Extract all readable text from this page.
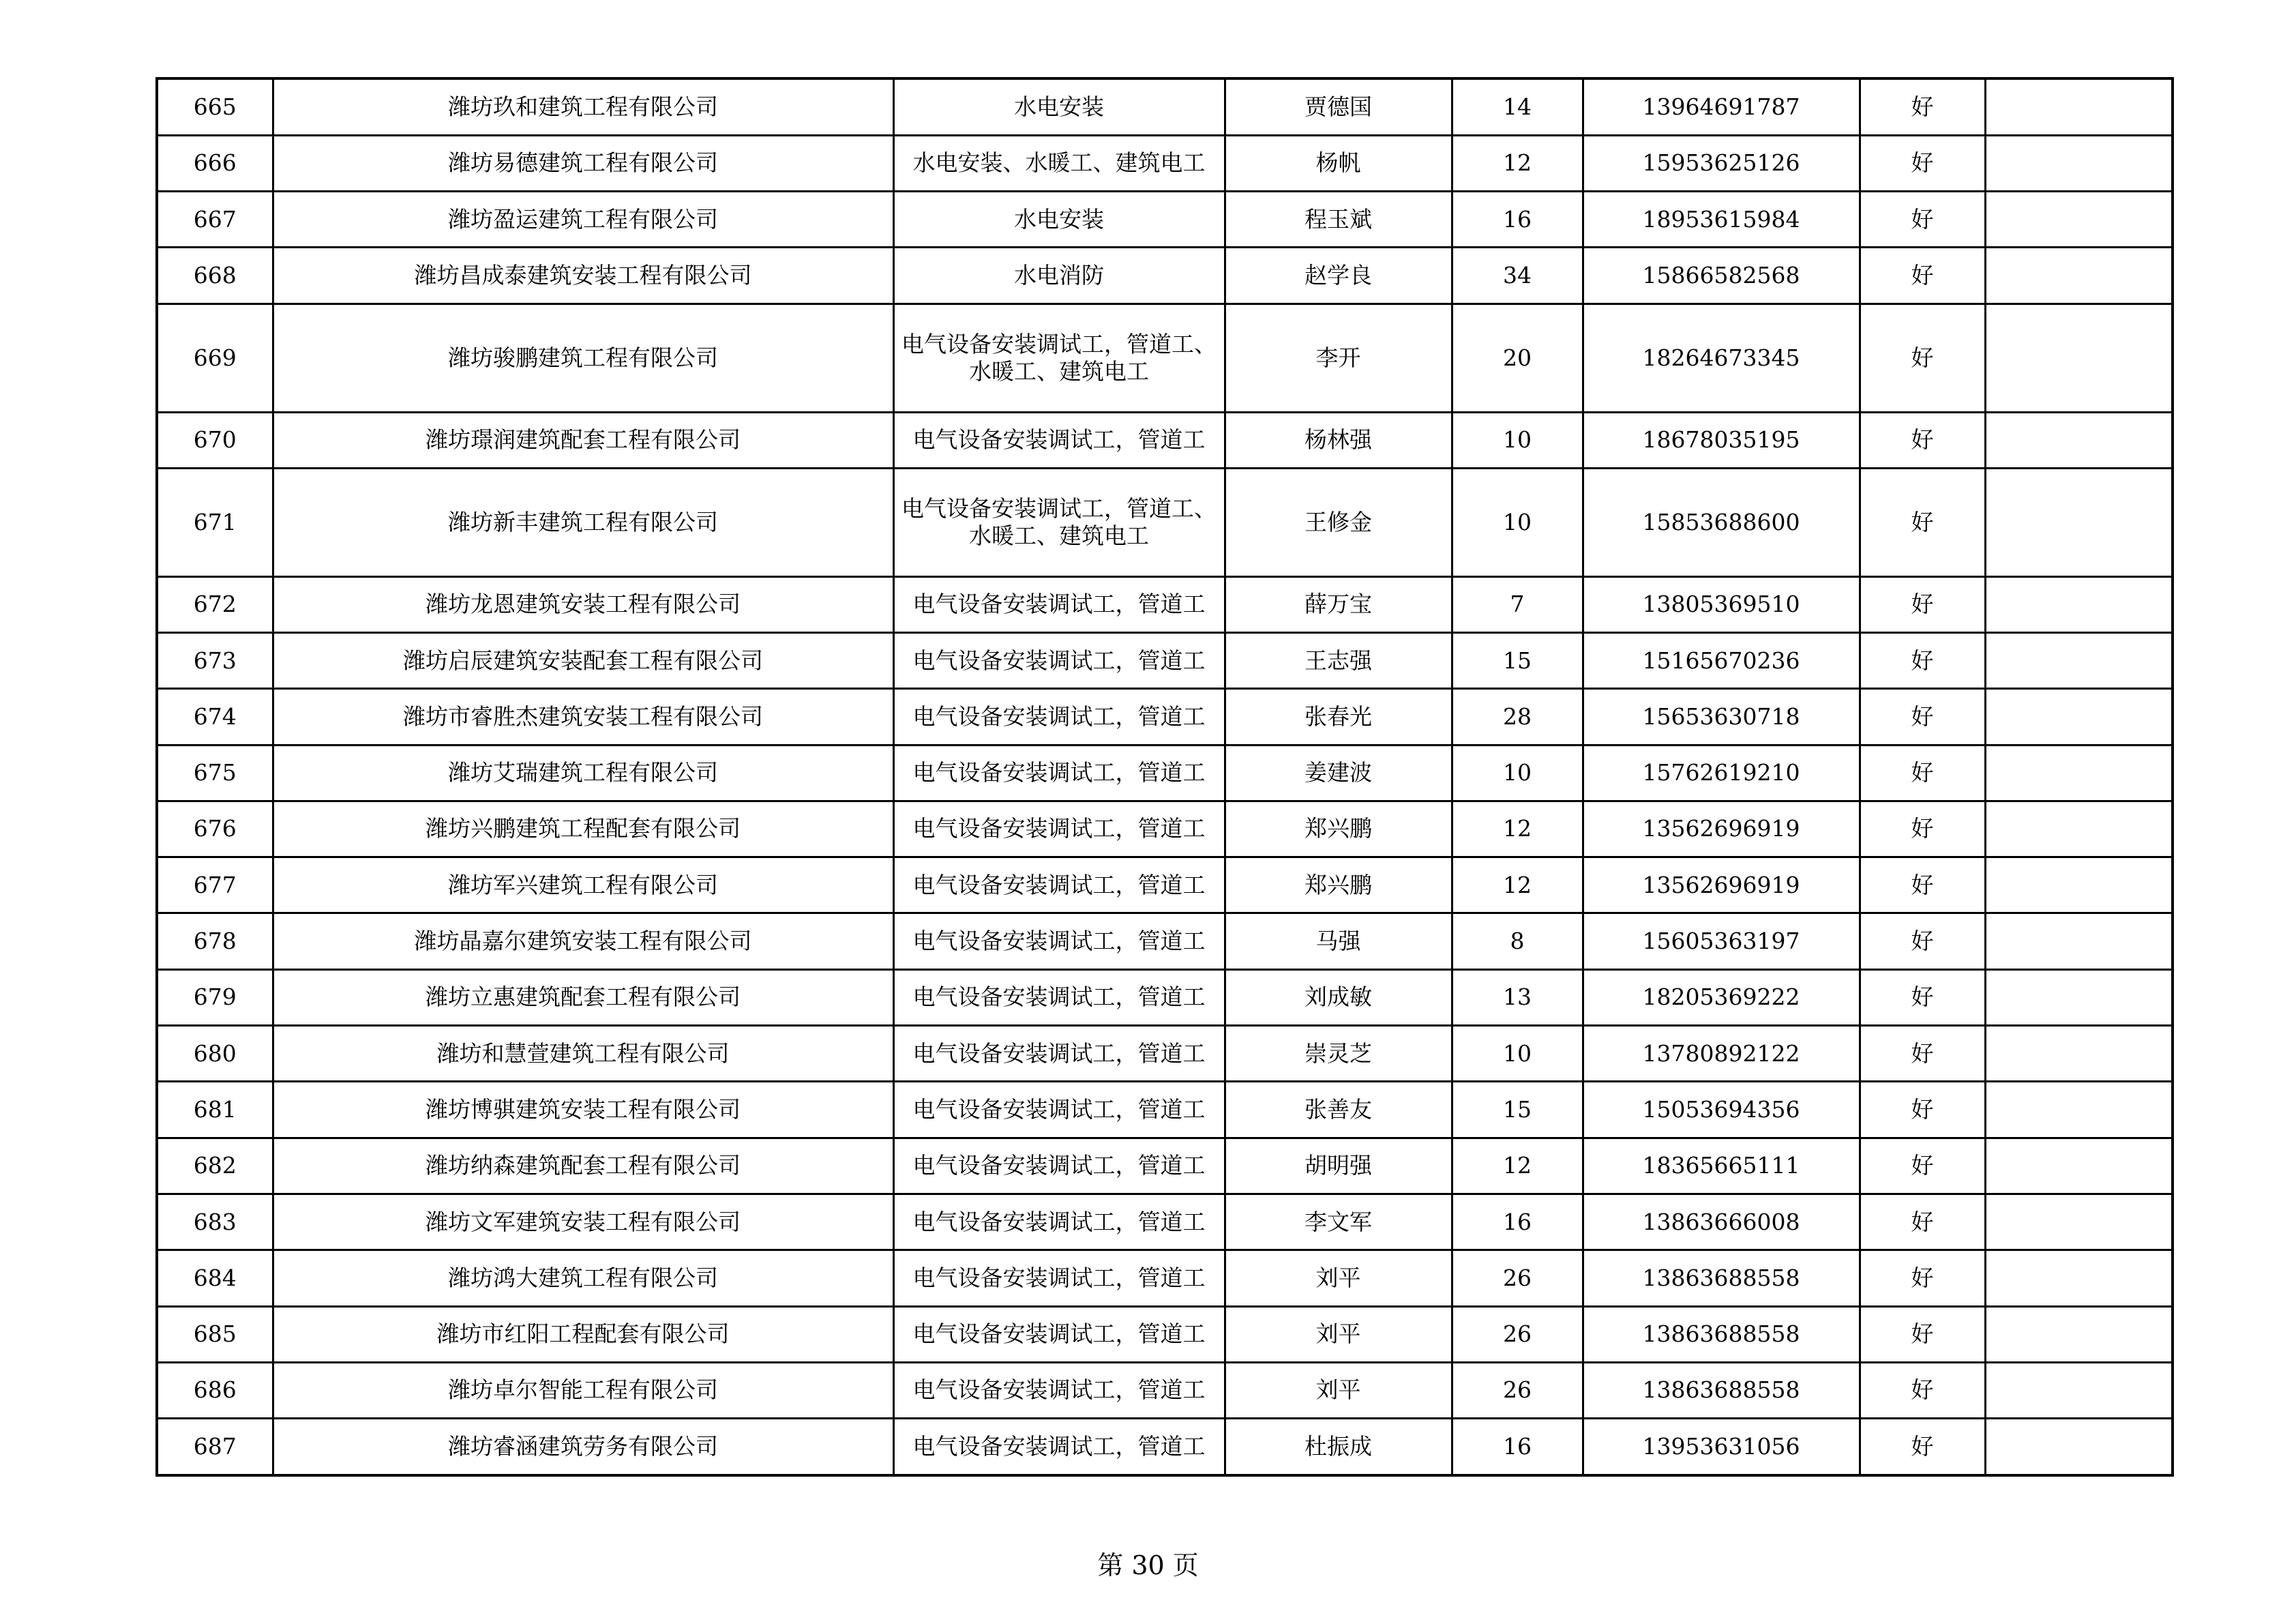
665	潍坊玖和建筑工程有限公司	水电安装	贾德国	14	13964691787	好	
666	潍坊易德建筑工程有限公司	水电安装、水暖工、建筑电工	杨帆	12	15953625126	好	
667	潍坊盈运建筑工程有限公司	水电安装	程玉斌	16	18953615984	好	
668	潍坊昌成泰建筑安装工程有限公司	水电消防	赵学良	34	15866582568	好	
669	潍坊骏鹏建筑工程有限公司	电气设备安装调试工，管道工、水暖工、建筑电工	李开	20	18264673345	好	
670	潍坊璟润建筑配套工程有限公司	电气设备安装调试工，管道工	杨林强	10	18678035195	好	
671	潍坊新丰建筑工程有限公司	电气设备安装调试工，管道工、水暖工、建筑电工	王修金	10	15853688600	好	
672	潍坊龙恩建筑安装工程有限公司	电气设备安装调试工，管道工	薛万宝	7	13805369510	好	
673	潍坊启辰建筑安装配套工程有限公司	电气设备安装调试工，管道工	王志强	15	15165670236	好	
674	潍坊市睿胜杰建筑安装工程有限公司	电气设备安装调试工，管道工	张春光	28	15653630718	好	
675	潍坊艾瑞建筑工程有限公司	电气设备安装调试工，管道工	姜建波	10	15762619210	好	
676	潍坊兴鹏建筑工程配套有限公司	电气设备安装调试工，管道工	郑兴鹏	12	13562696919	好	
677	潍坊军兴建筑工程有限公司	电气设备安装调试工，管道工	郑兴鹏	12	13562696919	好	
678	潍坊晶嘉尔建筑安装工程有限公司	电气设备安装调试工，管道工	马强	8	15605363197	好	
679	潍坊立惠建筑配套工程有限公司	电气设备安装调试工，管道工	刘成敏	13	18205369222	好	
680	潍坊和慧萱建筑工程有限公司	电气设备安装调试工，管道工	崇灵芝	10	13780892122	好	
681	潍坊博骐建筑安装工程有限公司	电气设备安装调试工，管道工	张善友	15	15053694356	好	
682	潍坊纳森建筑配套工程有限公司	电气设备安装调试工，管道工	胡明强	12	18365665111	好	
683	潍坊文军建筑安装工程有限公司	电气设备安装调试工，管道工	李文军	16	13863666008	好	
684	潍坊鸿大建筑工程有限公司	电气设备安装调试工，管道工	刘平	26	13863688558	好	
685	潍坊市红阳工程配套有限公司	电气设备安装调试工，管道工	刘平	26	13863688558	好	
686	潍坊卓尔智能工程有限公司	电气设备安装调试工，管道工	刘平	26	13863688558	好	
687	潍坊睿涵建筑劳务有限公司	电气设备安装调试工，管道工	杜振成	16	13953631056	好	
第 30 页
